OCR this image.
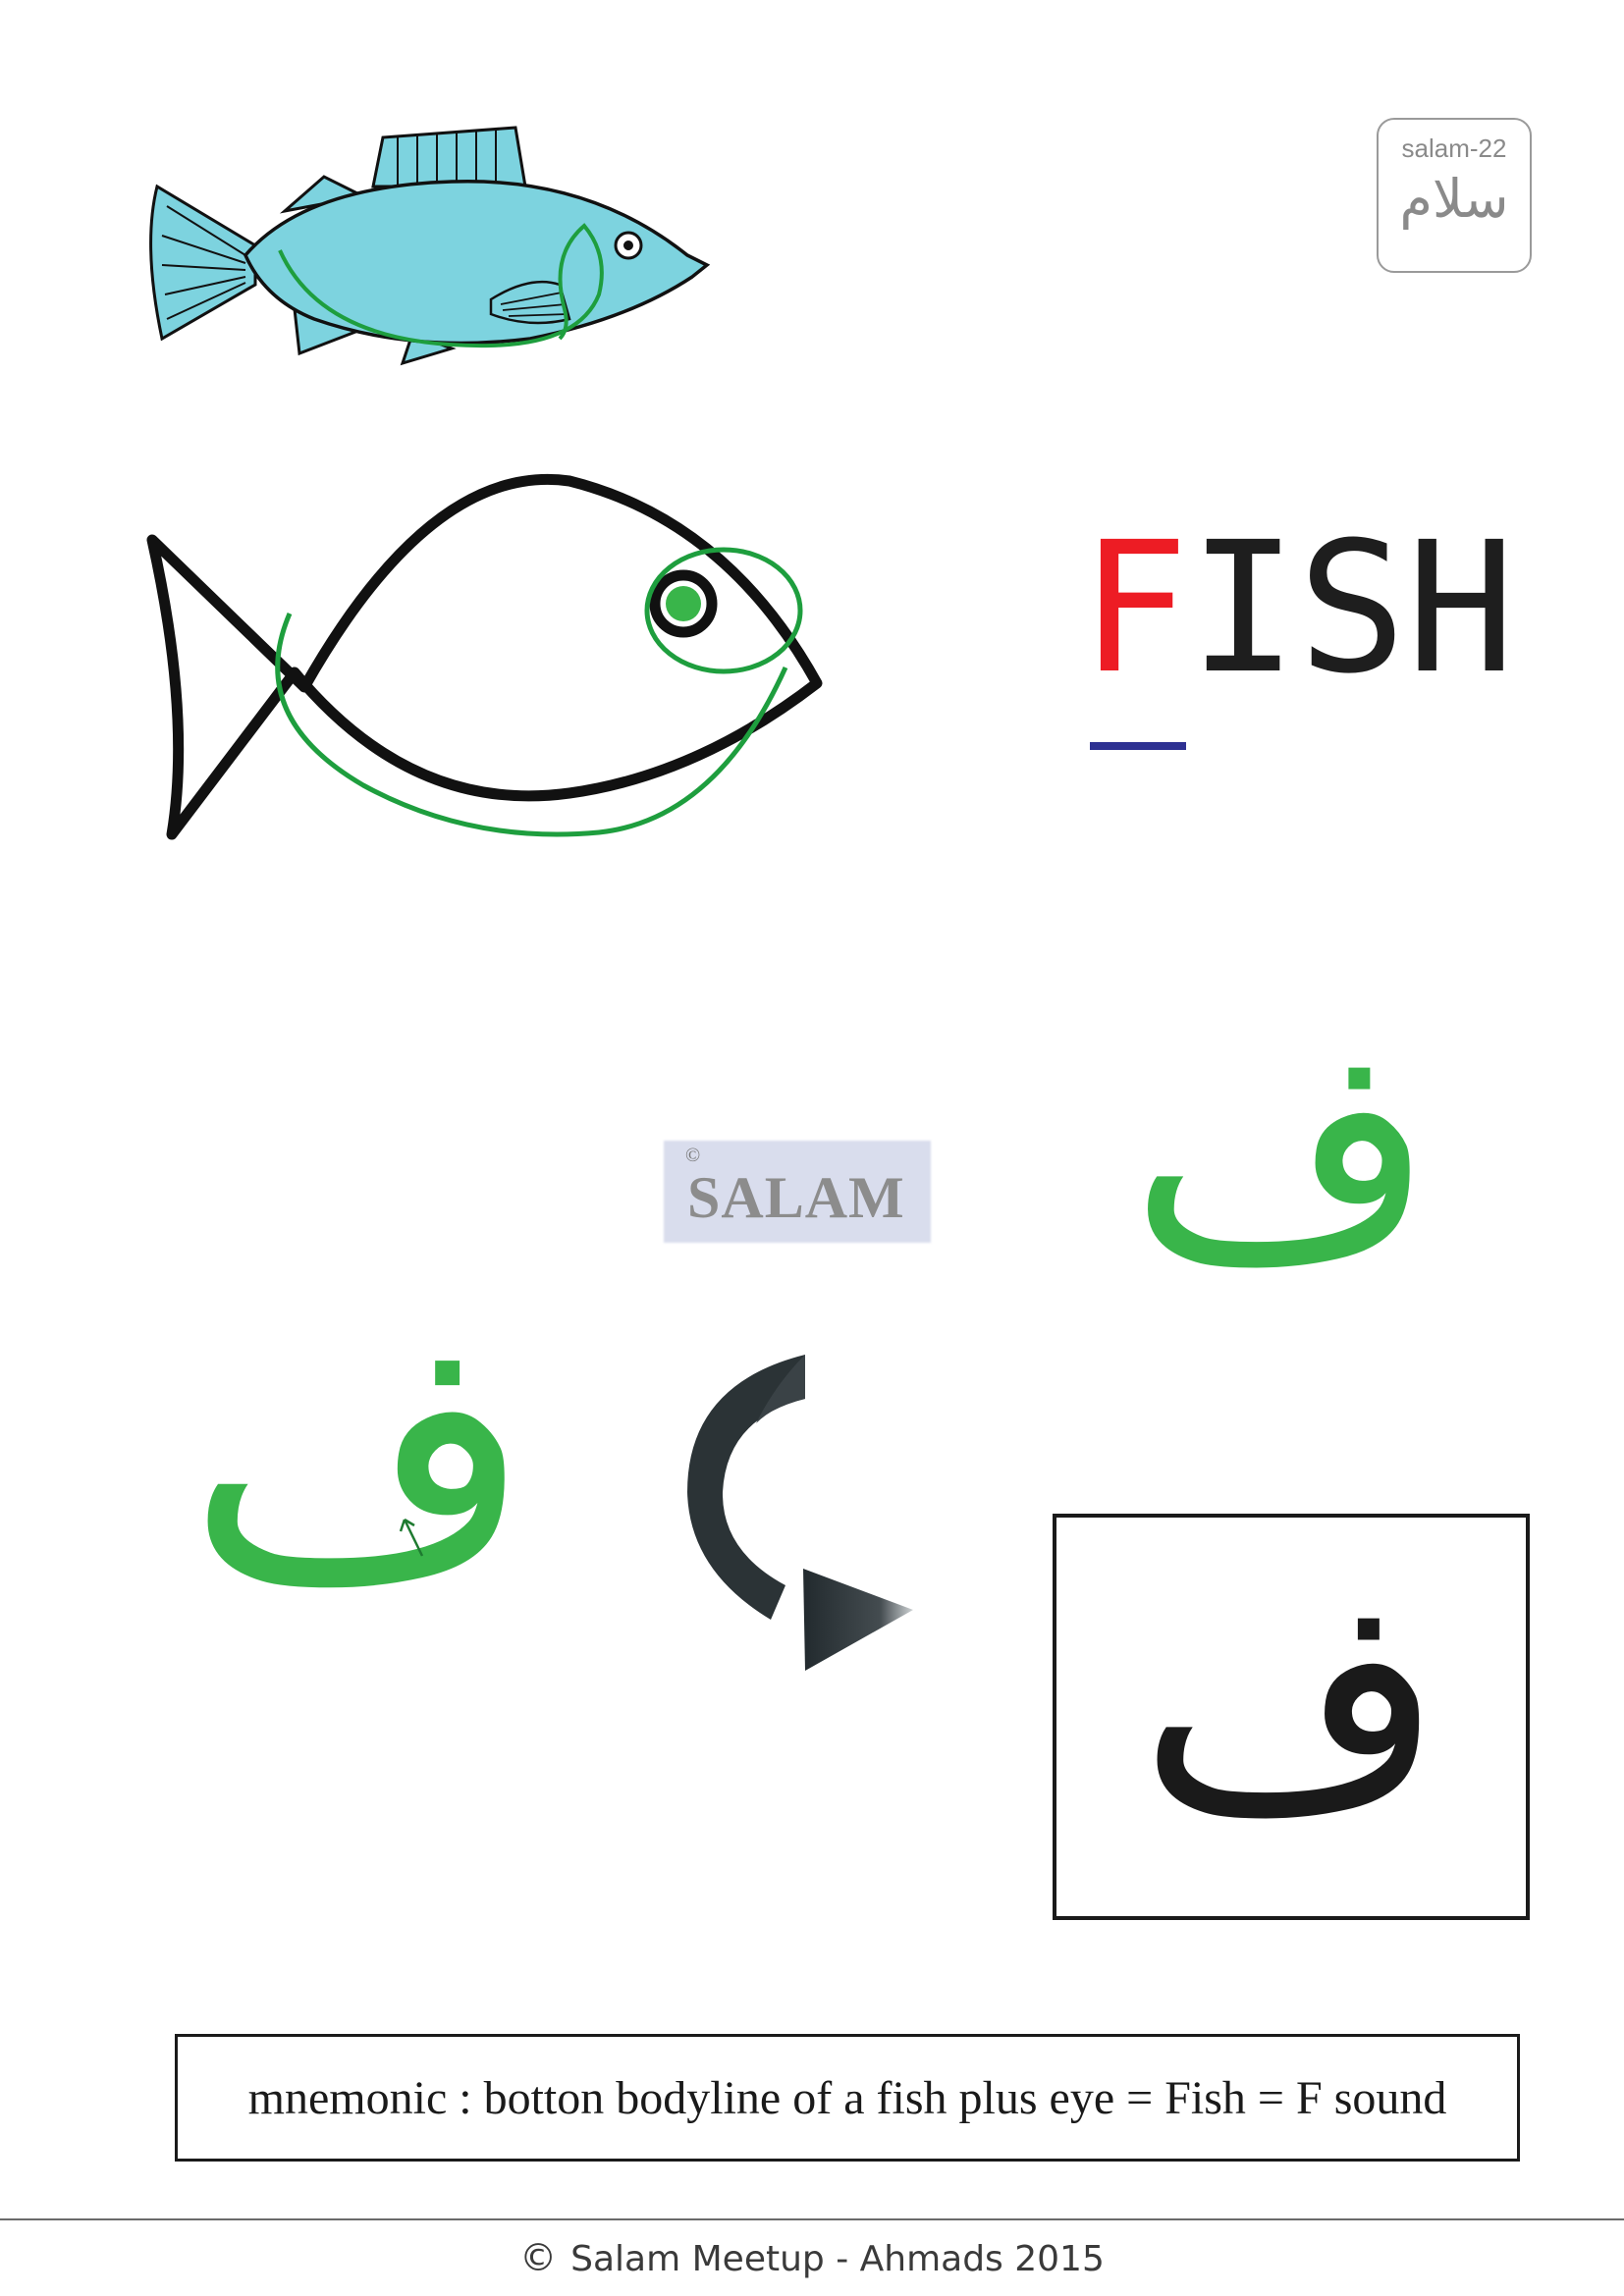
salam-22
سلام
FISH
©
SALAM ف
ف
ف
mnemonic : botton bodyline of a fish plus eye = Fish = F sound
© Salam Meetup - Ahmads 2015
